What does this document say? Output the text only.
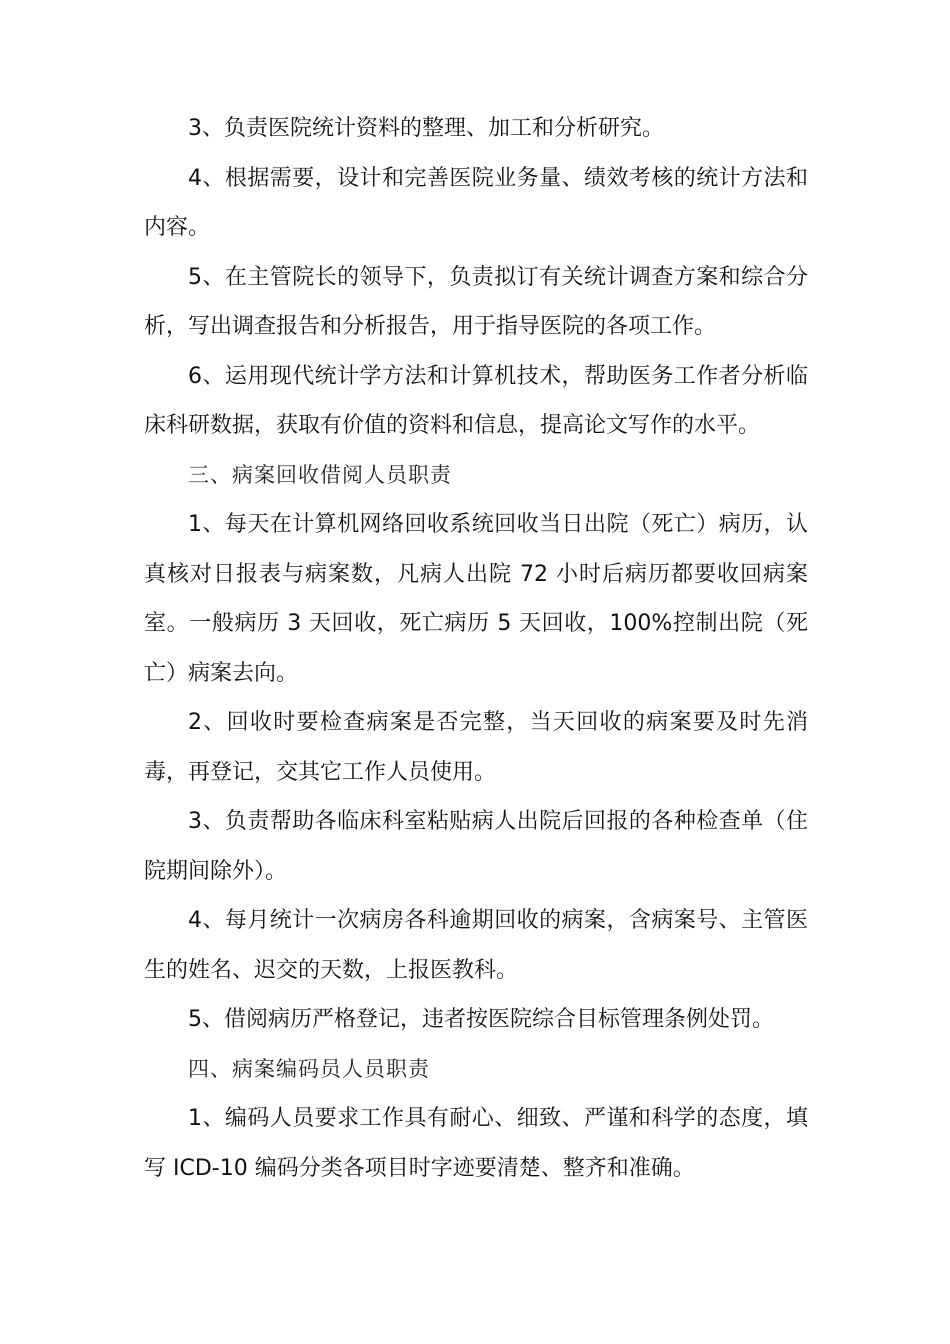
3、负责医院统计资料的整理、加工和分析研究。

4、根据需要，设计和完善医院业务量、绩效考核的统计方法和内容。

5、在主管院长的领导下，负责拟订有关统计调查方案和综合分析，写出调查报告和分析报告，用于指导医院的各项工作。

6、运用现代统计学方法和计算机技术，帮助医务工作者分析临床科研数据，获取有价值的资料和信息，提高论文写作的水平。

三、病案回收借阅人员职责

1、每天在计算机网络回收系统回收当日出院（死亡）病历，认真核对日报表与病案数，凡病人出院 72 小时后病历都要收回病案室。一般病历 3 天回收，死亡病历 5 天回收，100%控制出院（死亡）病案去向。

2、回收时要检查病案是否完整，当天回收的病案要及时先消毒，再登记，交其它工作人员使用。

3、负责帮助各临床科室粘贴病人出院后回报的各种检查单（住院期间除外）。

4、每月统计一次病房各科逾期回收的病案，含病案号、主管医生的姓名、迟交的天数，上报医教科。

5、借阅病历严格登记，违者按医院综合目标管理条例处罚。

四、病案编码员人员职责

1、编码人员要求工作具有耐心、细致、严谨和科学的态度，填写 ICD-10 编码分类各项目时字迹要清楚、整齐和准确。
